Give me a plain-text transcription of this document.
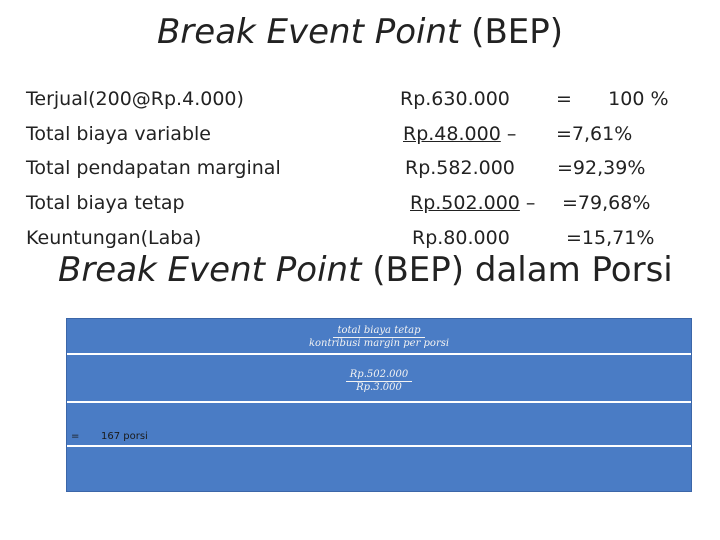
Break Event Point (BEP)
Terjual(200@Rp.4.000)	Rp.630.000 =      100 %
Total biaya variable	Rp.48.000 – =7,61%
Total pendapatan marginal	Rp.582.000 =92,39%
Total biaya tetap	Rp.502.000 – =79,68%
Keuntungan(Laba)	Rp.80.000	=15,71%
Break Event Point (BEP) dalam Porsi
total biaya tetap
kontribusi margin per porsi
$\frac{Rp.502.000}{Rp.3.000}$
= 167 porsi
